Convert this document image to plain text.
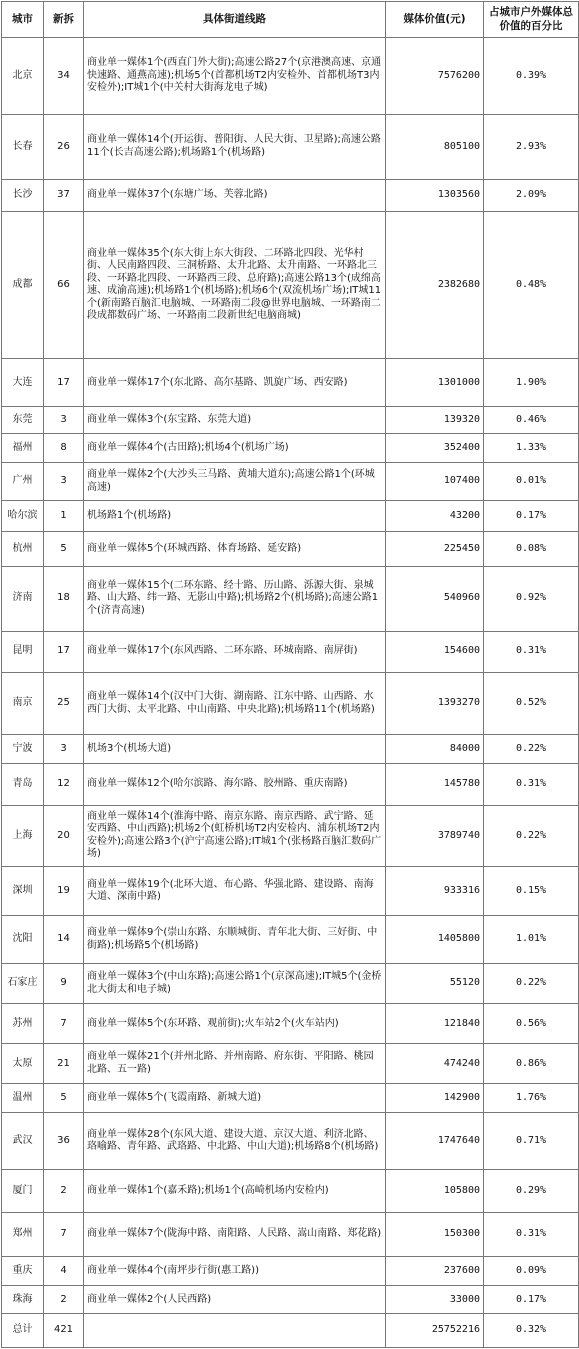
城市	新拆	具体街道线路	媒体价值(元)	占城市户外媒体总价值的百分比
北京	34	商业单一媒体1个(西直门外大街);高速公路27个(京港澳高速、京通快速路、通燕高速);机场5个(首都机场T2内安检外、首都机场T3内安检外);IT城1个(中关村大街海龙电子城)	7576200	0.39%
长春	26	商业单一媒体14个(开运街、普阳街、人民大街、卫星路);高速公路11个(长吉高速公路);机场路1个(机场路)	805100	2.93%
长沙	37	商业单一媒体37个(东塘广场、芙蓉北路)	1303560	2.09%
成都	66	商业单一媒体35个(东大街上东大街段、二环路北四段、光华村街、人民南路四段、三洞桥路、太升北路、太升南路、一环路北三段、一环路北四段、一环路西三段、总府路);高速公路13个(成绵高速、成渝高速);机场路1个(机场路);机场6个(双流机场广场);IT城11个(新南路百脑汇电脑城、一环路南二段@世界电脑城、一环路南二段成都数码广场、一环路南二段新世纪电脑商城)	2382680	0.48%
大连	17	商业单一媒体17个(东北路、高尔基路、凯旋广场、西安路)	1301000	1.90%
东莞	3	商业单一媒体3个(东宝路、东莞大道)	139320	0.46%
福州	8	商业单一媒体4个(古田路);机场4个(机场广场)	352400	1.33%
广州	3	商业单一媒体2个(大沙头三马路、黄埔大道东);高速公路1个(环城高速)	107400	0.01%
哈尔滨	1	机场路1个(机场路)	43200	0.17%
杭州	5	商业单一媒体5个(环城西路、体育场路、延安路)	225450	0.08%
济南	18	商业单一媒体15个(二环东路、经十路、历山路、泺源大街、泉城路、山大路、纬一路、无影山中路);机场路2个(机场路);高速公路1个(济青高速)	540960	0.92%
昆明	17	商业单一媒体17个(东风西路、二环东路、环城南路、南屏街)	154600	0.31%
南京	25	商业单一媒体14个(汉中门大街、湖南路、江东中路、山西路、水西门大街、太平北路、中山南路、中央北路);机场路11个(机场路)	1393270	0.52%
宁波	3	机场3个(机场大道)	84000	0.22%
青岛	12	商业单一媒体12个(哈尔滨路、海尔路、胶州路、重庆南路)	145780	0.31%
上海	20	商业单一媒体14个(淮海中路、南京东路、南京西路、武宁路、延安西路、中山西路);机场2个(虹桥机场T2内安检内、浦东机场T2内安检外);高速公路3个(沪宁高速公路);IT城1个(张杨路百脑汇数码广场)	3789740	0.22%
深圳	19	商业单一媒体19个(北环大道、布心路、华强北路、建设路、南海大道、深南中路)	933316	0.15%
沈阳	14	商业单一媒体9个(崇山东路、东顺城街、青年北大街、三好街、中街路);机场路5个(机场路)	1405800	1.01%
石家庄	9	商业单一媒体3个(中山东路);高速公路1个(京深高速);IT城5个(金桥北大街太和电子城)	55120	0.22%
苏州	7	商业单一媒体5个(东环路、观前街);火车站2个(火车站内)	121840	0.56%
太原	21	商业单一媒体21个(并州北路、并州南路、府东街、平阳路、桃园北路、五一路)	474240	0.86%
温州	5	商业单一媒体5个(飞霞南路、新城大道)	142900	1.76%
武汉	36	商业单一媒体28个(东风大道、建设大道、京汉大道、利济北路、珞喻路、青年路、武珞路、中北路、中山大道);机场路8个(机场路)	1747640	0.71%
厦门	2	商业单一媒体1个(嘉禾路);机场1个(高崎机场内安检内)	105800	0.29%
郑州	7	商业单一媒体7个(陇海中路、南阳路、人民路、嵩山南路、郑花路)	150300	0.31%
重庆	4	商业单一媒体4个(南坪步行街(惠工路))	237600	0.09%
珠海	2	商业单一媒体2个(人民西路)	33000	0.17%
总计	421		25752216	0.32%
